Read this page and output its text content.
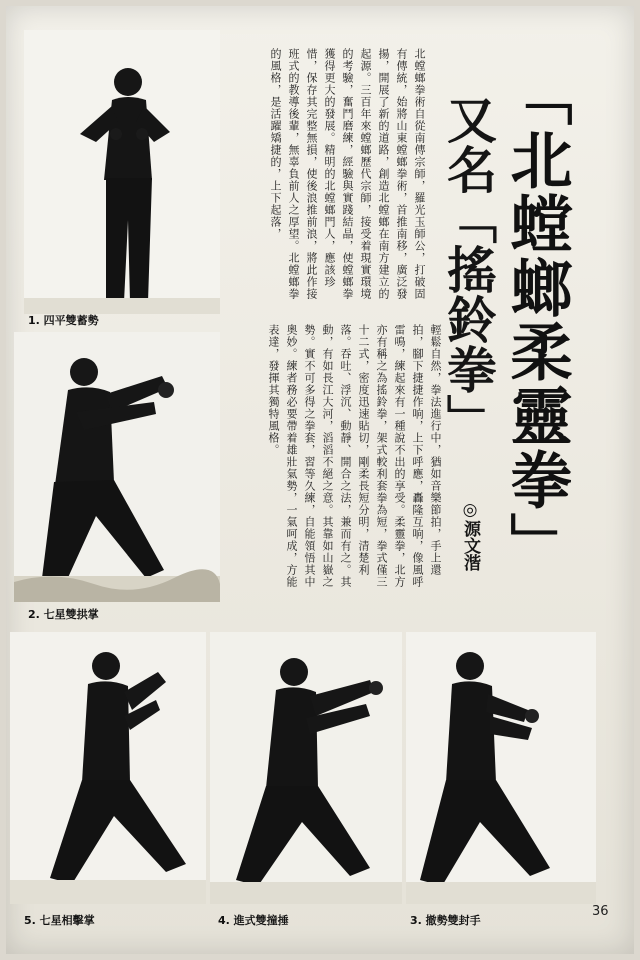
1. 四平雙蓄勢
2. 七星雙拱掌

北螳螂拳術自從南傳宗師，羅光玉師公，打破固有傳統，始將山東螳螂拳術，首推南移，廣泛發揚，開展了新的道路，創造北螳螂在南方建立的起源。三百年來螳螂歷代宗師，接受着現實環境的考驗，奮鬥磨練，經驗與實踐結晶，使螳螂拳獲得更大的發展。精明的北螳螂門人，應該珍惜，保存其完整無損，使後浪推前浪，將此作接班式的教導後輩，無辜負前人之厚望。北螳螂拳的風格，是活躍矯捷的，上下起落，

輕鬆自然，拳法進行中，猶如音樂節拍，手上還拍，腳下捷捷作响，上下呼應，轟隆互响，像風呼雷鳴，練起來有一種說不出的享受。柔靈拳，北方亦有稱之為搖鈴拳，架式較利套拳為短，拳式僅三十二式，密度迅速貼切，剛柔長短分明，清楚利落。吞吐、浮沉、動靜、開合之法，兼而有之。其動，有如長江大河，滔滔不絕之意。其靠如山嶽之勢。實不可多得之拳套，習等久練，自能領悟其中奧妙。練者務必要帶着雄壯氣勢，一氣呵成，方能表達，發揮其獨特風格。	「北螳螂柔靈拳」
又名「搖鈴拳」
◎源文湝
5. 七星相擊掌	4. 進式雙撞捶	3. 撤勢雙封手
36
